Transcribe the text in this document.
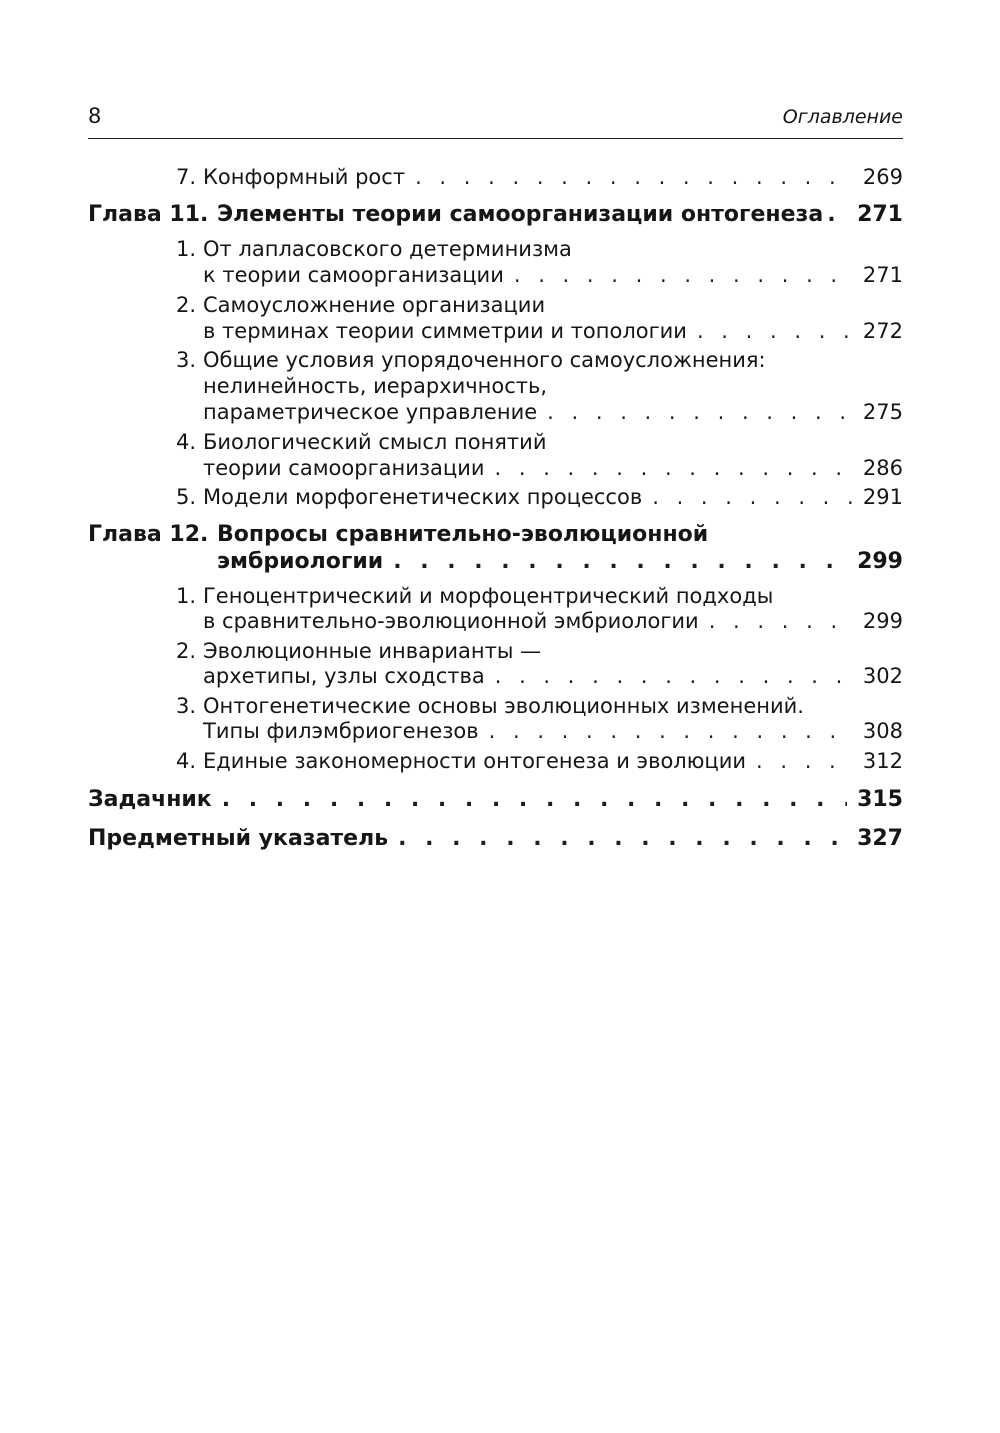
8	Оглавление
7. Конформный рост . . .	269
Глава 11. Элементы теории самоорганизации онтогенеза . . . 271
1. От лапласовского детерминизма
к теории самоорганизации . . .	271
2. Самоусложнение организации
в терминах теории симметрии и топологии . . .	272
3. Общие условия упорядоченного самоусложнения:
нелинейность, иерархичность,
параметрическое управление . . .	275
4. Биологический смысл понятий
теории самоорганизации . . .	286
5. Модели морфогенетических процессов . . .	291
Глава 12. Вопросы сравнительно-эволюционной
эмбриологии . . .	299
1. Геноцентрический и морфоцентрический подходы
в сравнительно-эволюционной эмбриологии . . .	299
2. Эволюционные инварианты —
архетипы, узлы сходства . . .	302
3. Онтогенетические основы эволюционных изменений.
Типы филэмбриогенезов . . .	308
4. Единые закономерности онтогенеза и эволюции . . .	312
Задачник . . .	315
Предметный указатель . . .	327
